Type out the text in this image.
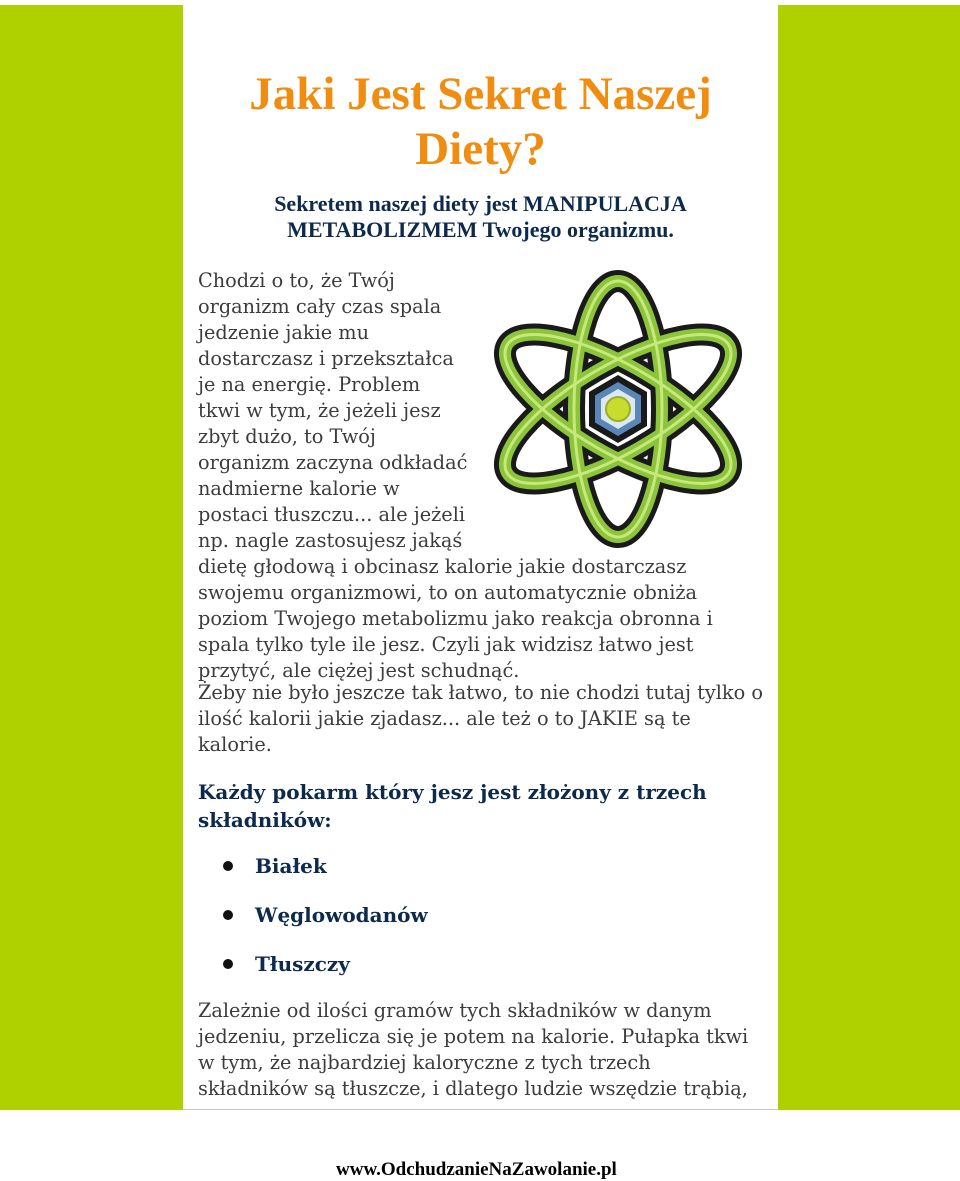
Jaki Jest Sekret Naszej Diety?

Sekretem naszej diety jest MANIPULACJA METABOLIZMEM Twojego organizmu.

Chodzi o to, że Twój organizm cały czas spala jedzenie jakie mu dostarczasz i przekształca je na energię. Problem tkwi w tym, że jeżeli jesz zbyt dużo, to Twój organizm zaczyna odkładać nadmierne kalorie w postaci tłuszczu... ale jeżeli np. nagle zastosujesz jakąś dietę głodową i obcinasz kalorie jakie dostarczasz swojemu organizmowi, to on automatycznie obniża poziom Twojego metabolizmu jako reakcja obronna i spala tylko tyle ile jesz. Czyli jak widzisz łatwo jest przytyć, ale ciężej jest schudnąć.

Żeby nie było jeszcze tak łatwo, to nie chodzi tutaj tylko o ilość kalorii jakie zjadasz... ale też o to JAKIE są te kalorie.

Każdy pokarm który jesz jest złożony z trzech składników:

Białek
Węglowodanów
Tłuszczy

Zależnie od ilości gramów tych składników w danym jedzeniu, przelicza się je potem na kalorie. Pułapka tkwi w tym, że najbardziej kaloryczne z tych trzech składników są tłuszcze, i dlatego ludzie wszędzie trąbią,

www.OdchudzanieNaZawolanie.pl
